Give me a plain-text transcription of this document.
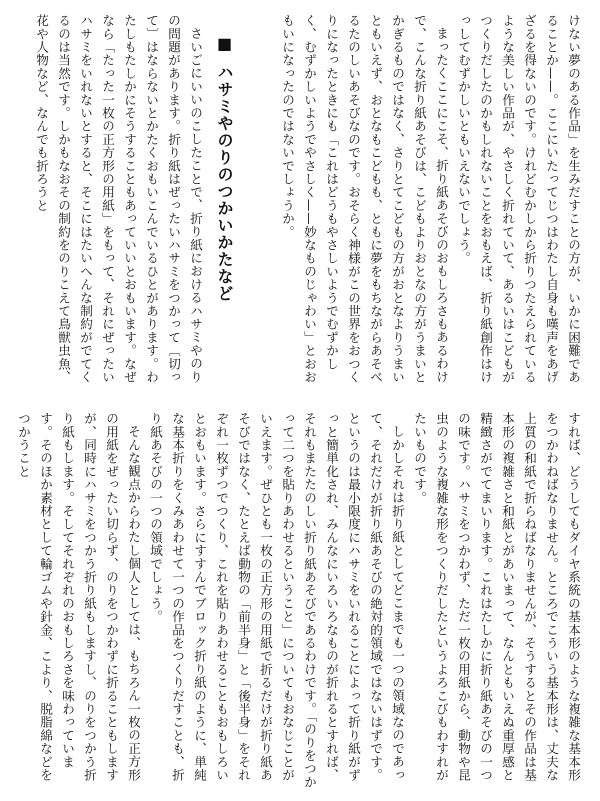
けない夢のある作品」を生みだすことの方が、いかに困難であることか——。ここにいたってじつはわたし自身も嘆声をあげざるを得ないのです。けれどむかしから折りつたえられているような美しい作品が、やさしく折れていて、あるいはこどもがつくりだしたのかもしれないことをおもえば、折り紙創作はけっしてむずかしいともいえないでしょう。

まったくここにこそ、折り紙あそびのおもしろさもあるわけで、こんな折り紙あそびは、こどもよりおとなの方がうまいとかぎるものではなく、さりとてこどもの方がおとなよりうまいともいえず、おとなもこどもも、ともに夢をもちながらあそべるたのしいあそびなのです。おそらく神様がこの世界をおつくりになったときにも「これはどうもやさしいようでむずかしく、むずかしいようでやさしく——妙なものじゃわい」とおおもいになったのではないでしょうか。

■ハサミやのりのつかいかたなど

さいごにいいのこしたことで、折り紙におけるハサミやのりの問題があります。折り紙はぜったいハサミをつかって〔切って〕はならないとかたくおもいこんでいるひとがあります。わたしもたしかにそうすることもあっていいとおもいます。なぜなら「たった一枚の正方形の用紙」をもって、それにぜったいハサミをいれないとすると、そこにはたいへんな制約がでてくるのは当然です。しかもなおその制約をのりこえて鳥獣虫魚、花や人物など、なんでも折ろうと

すれば、どうしてもダイヤ系統の基本形のような複雑な基本形をつかわねばなりません。ところでこういう基本形は、丈夫な上質の和紙で折らねばなりませんが、そうするとその作品は基本形の複雑さと和紙とがあいまって、なんともいえぬ重厚感と精緻さがでてまいります。これはたしかに折り紙あそびの一つの味です。ハサミをつかわず、ただ一枚の用紙から、動物や昆虫のような複雑な形をつくりだしたというよろこびもわすれがたいものです。

しかしそれは折り紙としてどこまでも一つの領域なのであって、それだけが折り紙あそびの絶対的領域ではないはずです。というのは最小限度にハサミをいれることによって折り紙がずっと簡単化され、みんなにいろいろなものが折れるとすれば、それもまたたのしい折り紙あそびであるわけです。「のりをつかって二つを貼りあわせるということ」についてもおなじことがいえます。ぜひとも一枚の正方形の用紙で折るだけが折り紙あそびではなく、たとえば動物の「前半身」と「後半身」をそれぞれ一枚ずつでつくり、これを貼りあわせることもおもしろいとおもいます。さらにすすんでブロック折り紙のように、単純な基本折りをくみあわせて一つの作品をつくりだすことも、折り紙あそびの一つの領域でしょう。

そんな観点からわたし個人としては、もちろん一枚の正方形の用紙をぜったい切らず、のりをつかわずに折ることもしますが、同時にハサミをつかう折り紙もしますし、のりをつかう折り紙もします。そしてそれぞれのおもしろさを味わっています。そのほか素材として輪ゴムや針金、こより、脱脂綿などをつかうこと
